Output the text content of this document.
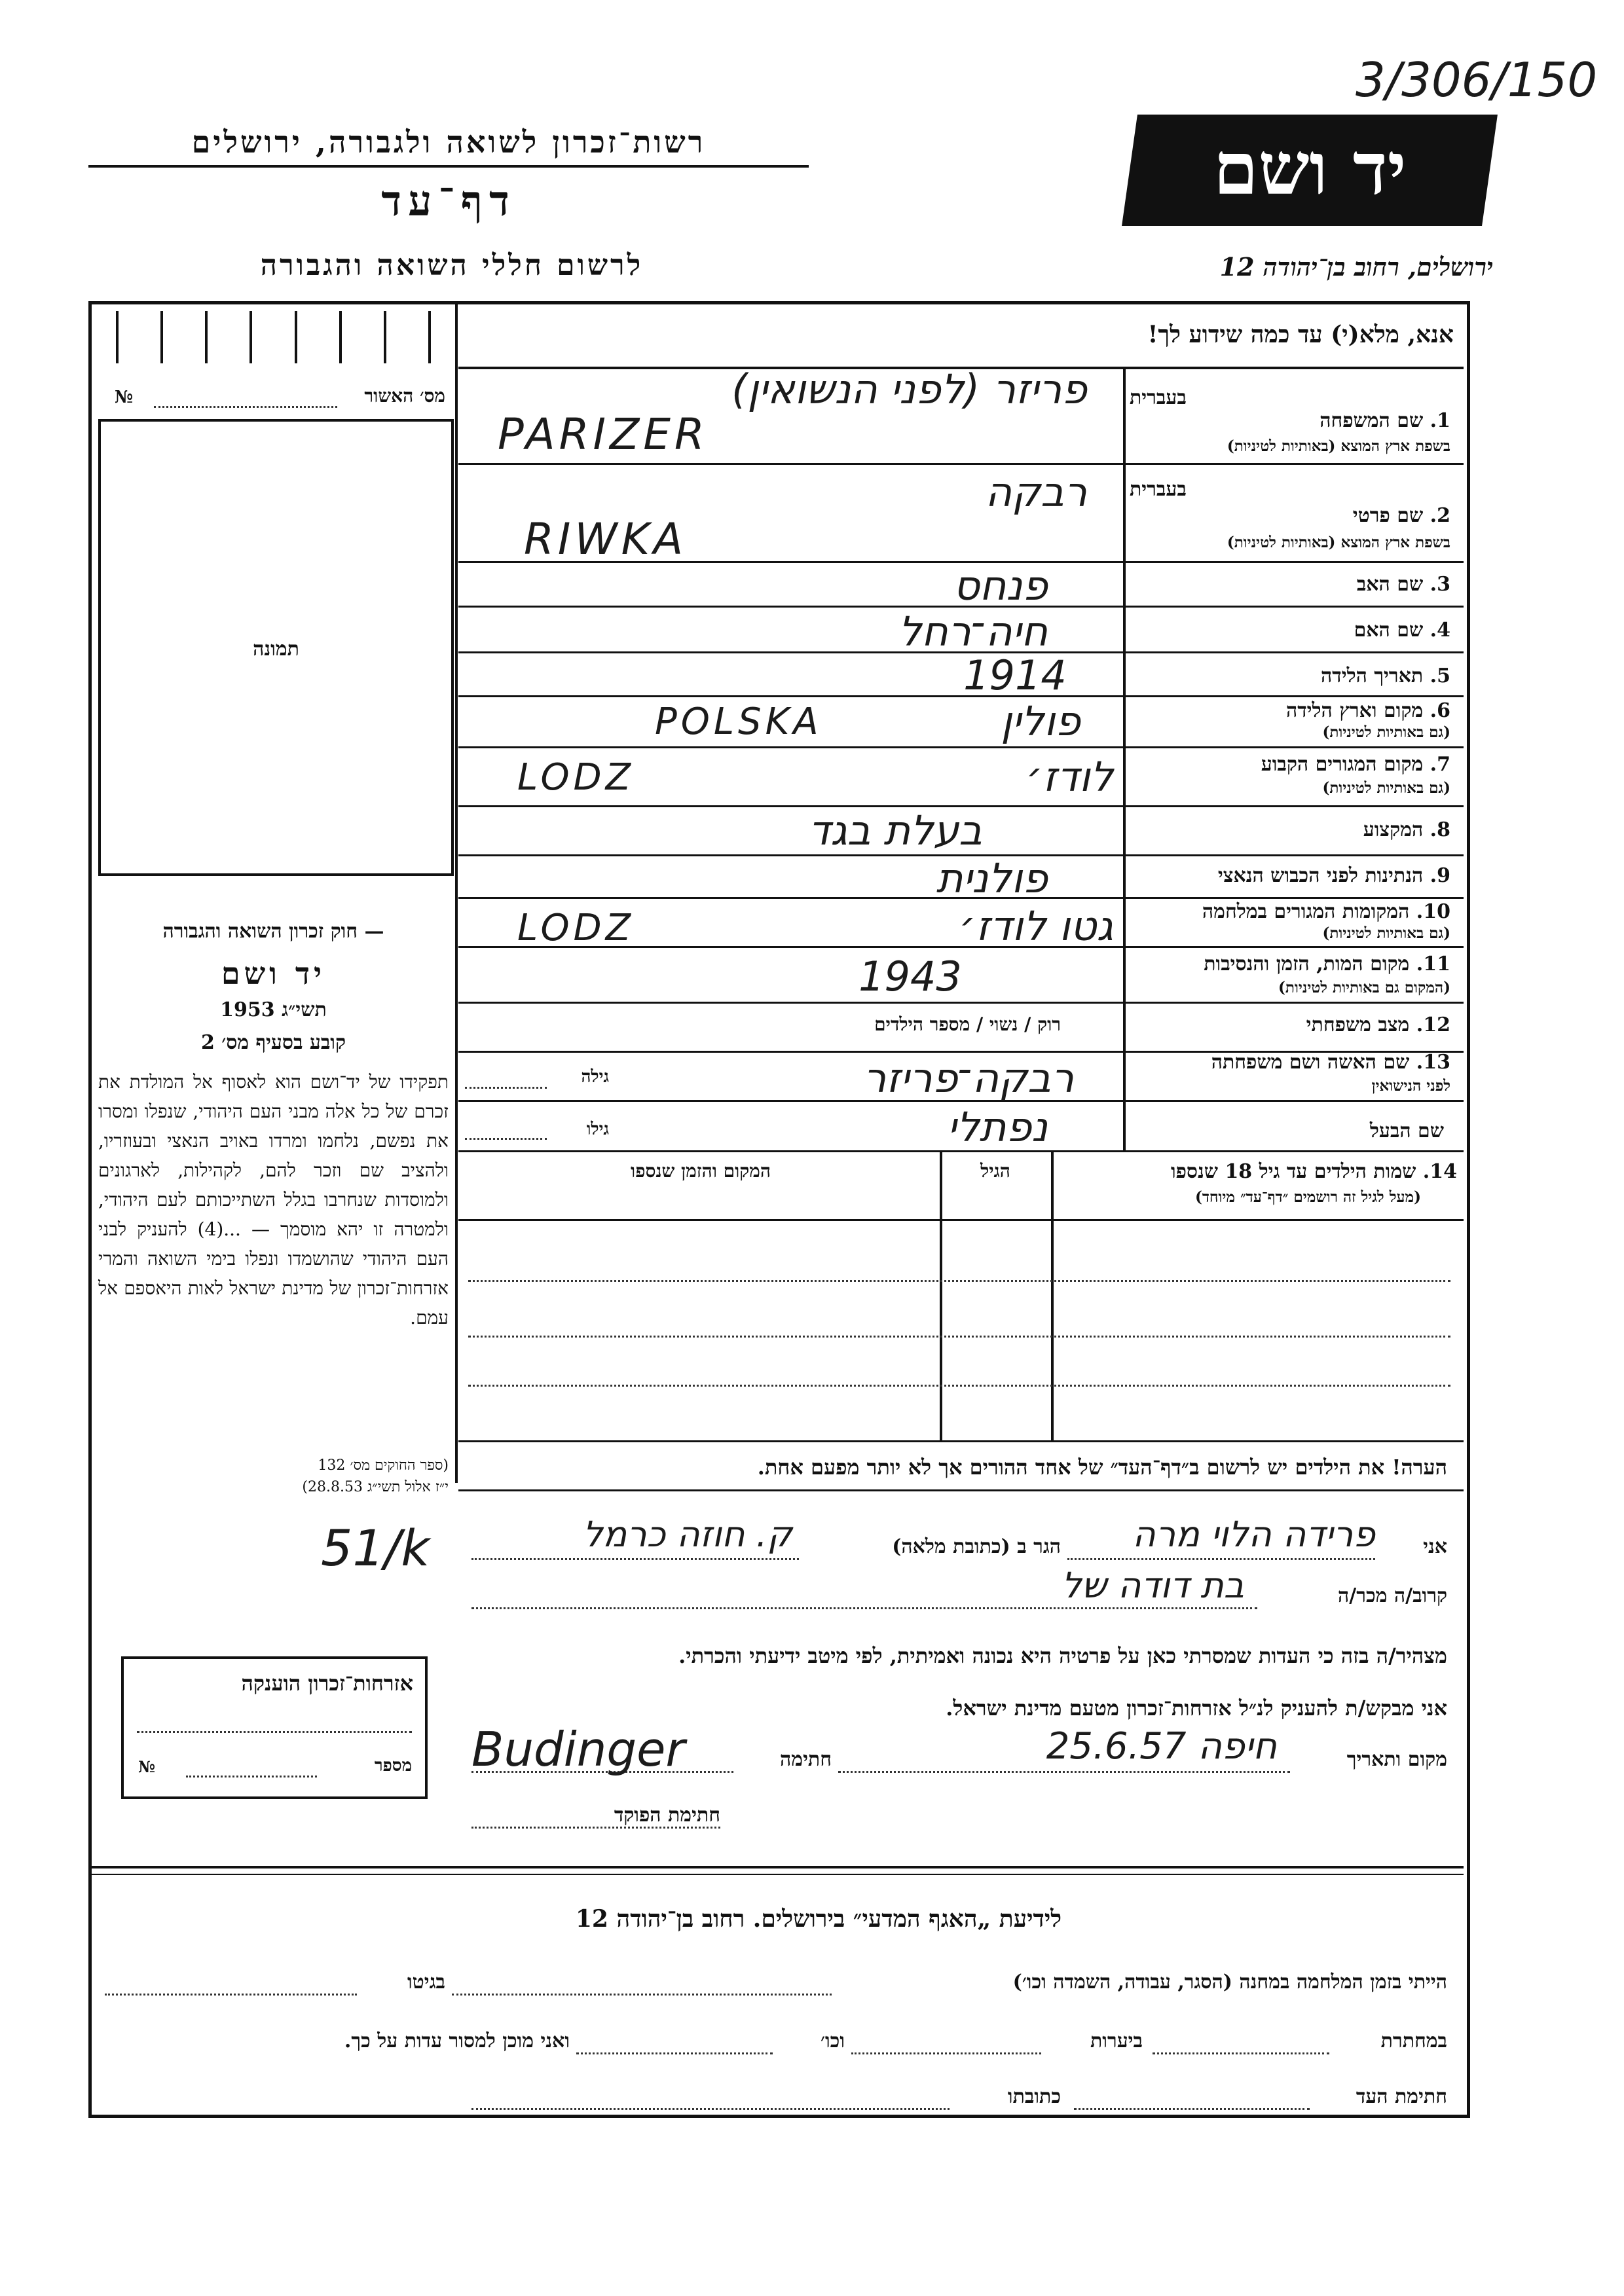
3/306/150
רשות־זכרון לשואה ולגבורה, ירושלים
דף־עד
לרשום חללי השואה והגבורה
יד ושם
ירושלים, רחוב בן־יהודה 12
אנא, מלא(י) עד כמה שידוע לך!
מס׳ האשור
№
תמונה
— חוק זכרון השואה והגבורה
יד ושם
תשי״ג 1953
קובע בסעיף מס׳ 2
תפקידו של יד־ושם הוא לאסוף אל המולדת את זכרם של כל אלה מבני העם היהודי, שנפלו ומסרו את נפשם, נלחמו ומרדו באויב הנאצי ובעוזריו, ולהציב שם וזכר להם, לקהילות, לארגונים ולמוסדות שנחרבו בגלל השתייכותם לעם היהודי, ולמטרה זו יהא מוסמך — ...(4) להעניק לבני העם היהודי שהושמדו ונפלו בימי השואה והמרי אזרחות־זכרון של מדינת ישראל לאות היאספם אל עמם.
(ספר החוקים מס׳ 132
י״ז אלול תשי״ג 28.8.53)
בעברית
1. שם המשפחה
בשפת ארץ המוצא (באותיות לטיניות)
פריזר (לפני הנשואין)
PARIZER
בעברית
2. שם פרטי
בשפת ארץ המוצא (באותיות לטיניות)
רבקה
RIWKA
3. שם האב
פנחס
4. שם האם
חיה־רחל
5. תאריך הלידה
1914
6. מקום וארץ הלידה
(גם באותיות לטיניות)
פולין
POLSKA
7. מקום המגורים הקבוע
(גם באותיות לטיניות)
לודז׳
LODZ
8. המקצוע
בעלת בגד
9. הנתינות לפני הכבוש הנאצי
פולנית
10. המקומות המגורים במלחמה
(גם באותיות לטיניות)
גטו לודז׳
LODZ
11. מקום המות, הזמן והנסיבות
(המקום גם באותיות לטיניות)
1943
12. מצב משפחתי
רוק / נשוי / מספר הילדים
13. שם האשה ושם משפחתה
לפני הנישואין
רבקה־פריזר
גילה
שם הבעל
נפתלי
גילו
14. שמות הילדים עד גיל 18 שנספו
(מעל לגיל זה רושמים ״דף־עד״ מיוחד)
הגיל
המקום והזמן שנספו
הערה! את הילדים יש לרשום ב״דף־העד״ של אחד ההורים אך לא יותר מפעם אחת.
51/k	אני
פרידה הלוי מרה
הגר ב (כתובת מלאה)
ק. חוזה כרמל
קרוב/ה מכר/ה
בת דודה של
מצהיר/ה בזה כי העדות שמסרתי כאן על פרטיה היא נכונה ואמיתית, לפי מיטב ידיעתי והכרתי.
אזרחות־זכרון הוענקה
מספר
№
אני מבקש/ת להעניק לנ״ל אזרחות־זכרון מטעם מדינת ישראל.
מקום ותאריך
חיפה 25.6.57
חתימה
Budinger
חתימת הפוקד
לידיעת „האגף המדעי״ בירושלים. רחוב בן־יהודה 12
הייתי בזמן המלחמה במחנה (הסגר, עבודה, השמדה וכו׳)
בגיטו
במחתרת
ביערות
וכו׳
ואני מוכן למסור עדות על כך.
חתימת העד
כתובתו
